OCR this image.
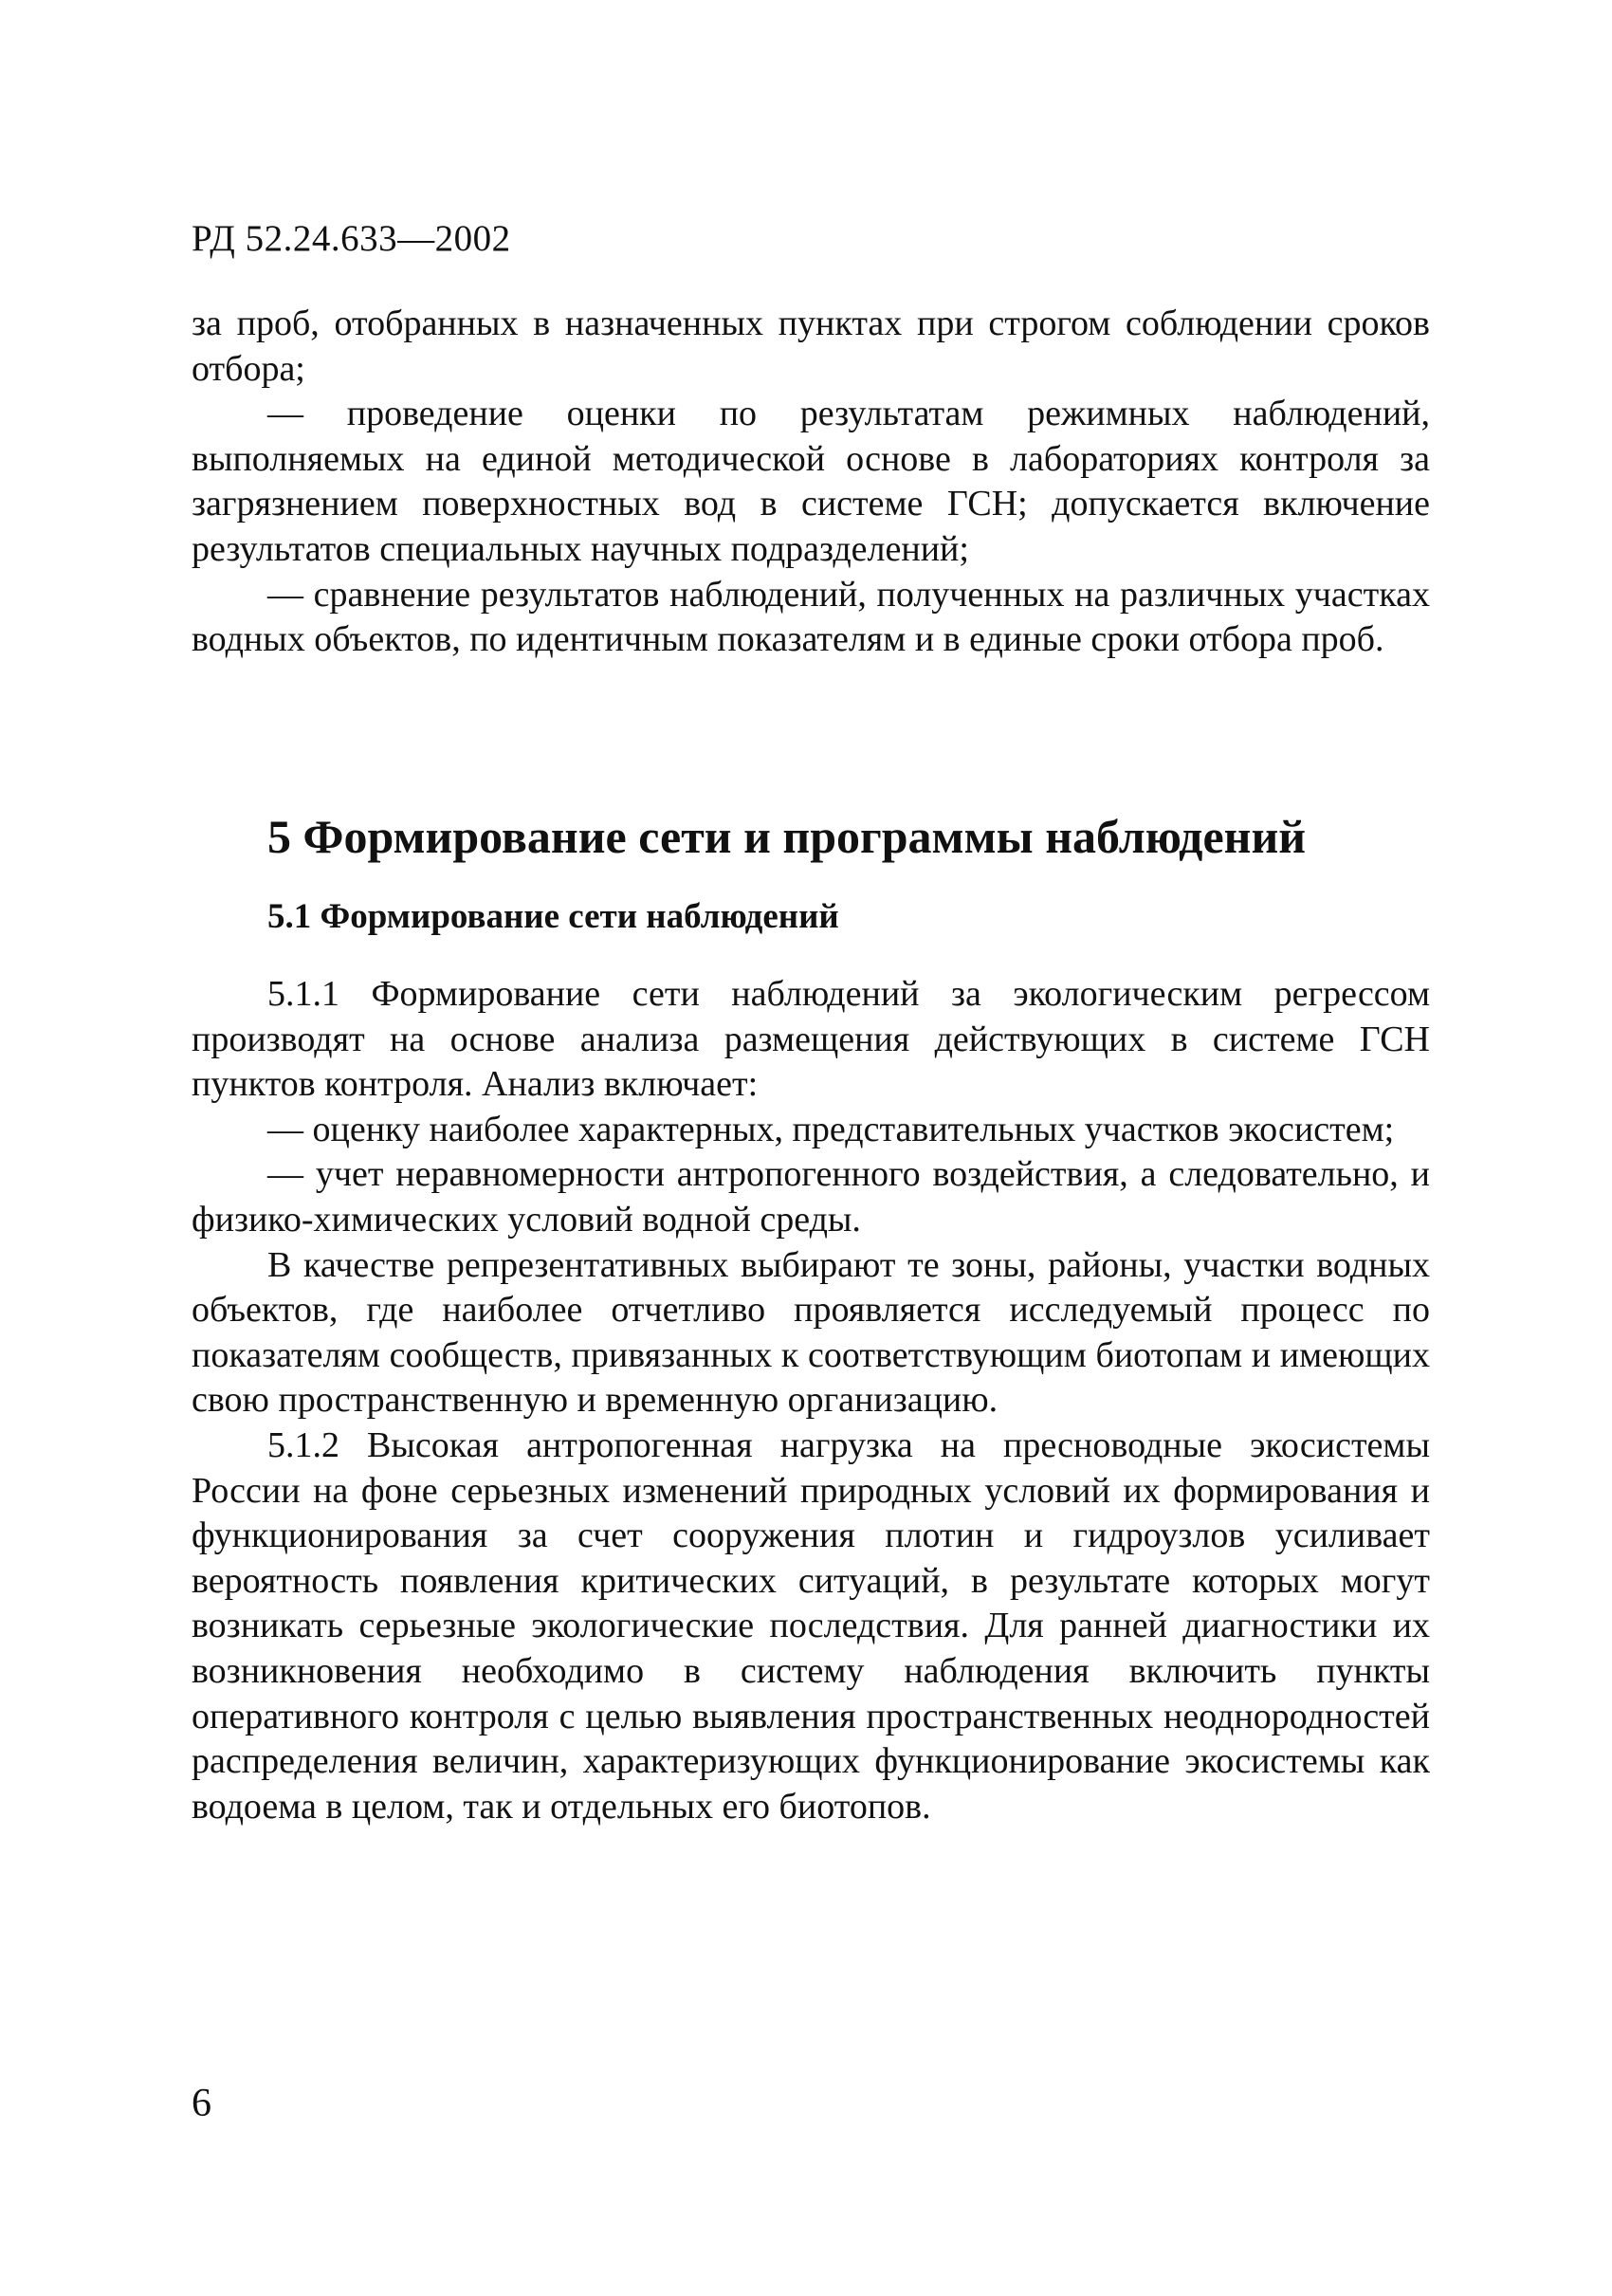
РД 52.24.633—2002

за проб, отобранных в назначенных пунктах при строгом соблюдении сроков отбора;

— проведение оценки по результатам режимных наблюдений, выполняемых на единой методической основе в лабораториях контроля за загрязнением поверхностных вод в системе ГСН; допускается включение результатов специальных научных подразделений;

— сравнение результатов наблюдений, полученных на различных участках водных объектов, по идентичным показателям и в единые сроки отбора проб.

5 Формирование сети и программы наблюдений
5.1 Формирование сети наблюдений

5.1.1 Формирование сети наблюдений за экологическим регрессом производят на основе анализа размещения действующих в системе ГСН пунктов контроля. Анализ включает:

— оценку наиболее характерных, представительных участков экосистем;

— учет неравномерности антропогенного воздействия, а следовательно, и физико-химических условий водной среды.

В качестве репрезентативных выбирают те зоны, районы, участки водных объектов, где наиболее отчетливо проявляется исследуемый процесс по показателям сообществ, привязанных к соответствующим биотопам и имеющих свою пространственную и временную организацию.

5.1.2 Высокая антропогенная нагрузка на пресноводные экосистемы России на фоне серьезных изменений природных условий их формирования и функционирования за счет сооружения плотин и гидроузлов усиливает вероятность появления критических ситуаций, в результате которых могут возникать серьезные экологические последствия. Для ранней диагностики их возникновения необходимо в систему наблюдения включить пункты оперативного контроля с целью выявления пространственных неоднородностей распределения величин, характеризующих функционирование экосистемы как водоема в целом, так и отдельных его биотопов.

6
